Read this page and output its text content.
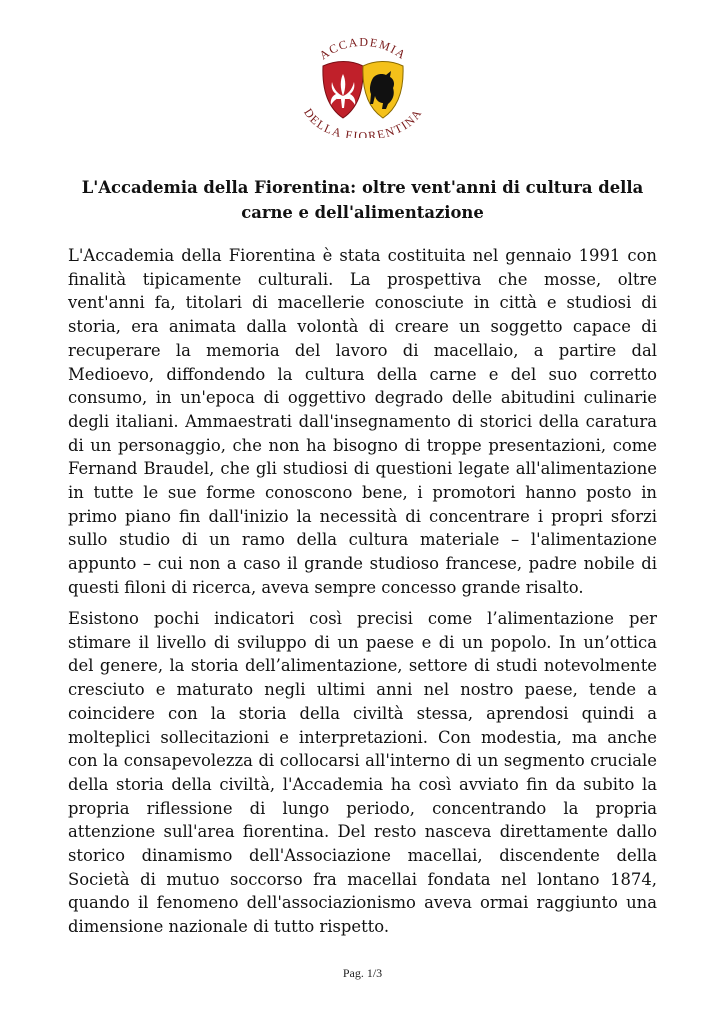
ACCADEMIA
DELLA FIORENTINA
L'Accademia della Fiorentina: oltre vent'anni di cultura della carne e dell'alimentazione

L'Accademia della Fiorentina è stata costituita nel gennaio 1991 con finalità tipicamente culturali. La prospettiva che mosse, oltre vent'anni fa, titolari di macellerie conosciute in città e studiosi di storia, era animata dalla volontà di creare un soggetto capace di recuperare la memoria del lavoro di macellaio, a partire dal Medioevo, diffondendo la cultura della carne e del suo corretto consumo, in un'epoca di oggettivo degrado delle abitudini culinarie degli italiani. Ammaestrati dall'insegnamento di storici della caratura di un personaggio, che non ha bisogno di troppe presentazioni, come Fernand Braudel, che gli studiosi di questioni legate all'alimentazione in tutte le sue forme conoscono bene, i promotori hanno posto in primo piano fin dall'inizio la necessità di concentrare i propri sforzi sullo studio di un ramo della cultura materiale – l'alimentazione appunto – cui non a caso il grande studioso francese, padre nobile di questi filoni di ricerca, aveva sempre concesso grande risalto.

Esistono pochi indicatori così precisi come l’alimentazione per stimare il livello di sviluppo di un paese e di un popolo. In un’ottica del genere, la storia dell’alimentazione, settore di studi notevolmente cresciuto e maturato negli ultimi anni nel nostro paese, tende a coincidere con la storia della civiltà stessa, aprendosi quindi a molteplici sollecitazioni e interpretazioni. Con modestia, ma anche con la consapevolezza di collocarsi all'interno di un segmento cruciale della storia della civiltà, l'Accademia ha così avviato fin da subito la propria riflessione di lungo periodo, concentrando la propria attenzione sull'area fiorentina. Del resto nasceva direttamente dallo storico dinamismo dell'Associazione macellai, discendente della Società di mutuo soccorso fra macellai fondata nel lontano 1874, quando il fenomeno dell'associazionismo aveva ormai raggiunto una dimensione nazionale di tutto rispetto.

Pag. 1/3
